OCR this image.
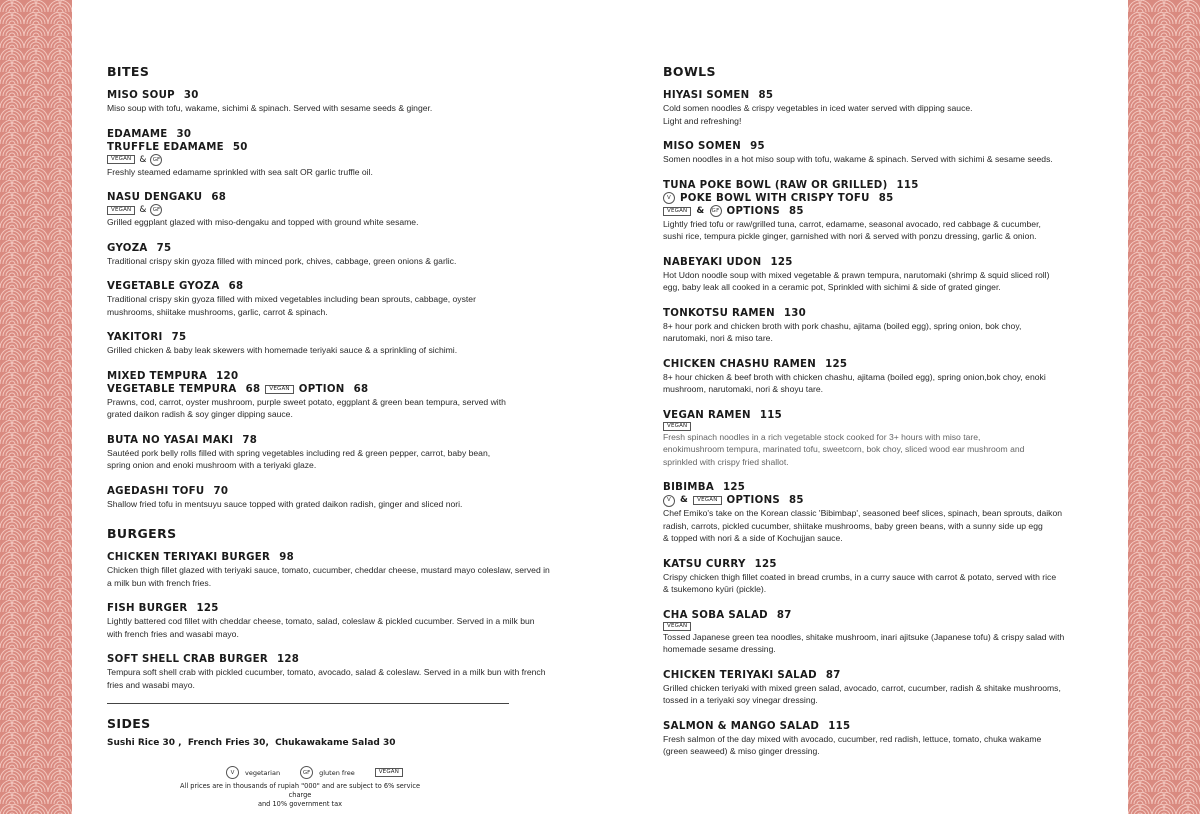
BITES
MISO SOUP 30
Miso soup with tofu, wakame, sichimi & spinach. Served with sesame seeds & ginger.
EDAMAME 30
TRUFFLE EDAMAME 50
VEGAN &	GF
Freshly steamed edamame sprinkled with sea salt OR garlic truffle oil.
NASU DENGAKU 68
VEGAN &	GF
Grilled eggplant glazed with miso-dengaku and topped with ground white sesame.
GYOZA 75
Traditional crispy skin gyoza filled with minced pork, chives, cabbage, green onions & garlic.
VEGETABLE GYOZA 68
Traditional crispy skin gyoza filled with mixed vegetables including bean sprouts, cabbage, oyster
mushrooms, shiitake mushrooms, garlic, carrot & spinach.
YAKITORI 75
Grilled chicken & baby leak skewers with homemade teriyaki sauce & a sprinkling of sichimi.
MIXED TEMPURA 120
VEGETABLE TEMPURA 68	VEGAN OPTION 68
Prawns, cod, carrot, oyster mushroom, purple sweet potato, eggplant & green bean tempura, served with
grated daikon radish & soy ginger dipping sauce.
BUTA NO YASAI MAKI 78
Sautéed pork belly rolls filled with spring vegetables including red & green pepper, carrot, baby bean,
spring onion and enoki mushroom with a teriyaki glaze.
AGEDASHI TOFU 70
Shallow fried tofu in mentsuyu sauce topped with grated daikon radish, ginger and sliced nori.
BURGERS
CHICKEN TERIYAKI BURGER 98
Chicken thigh fillet glazed with teriyaki sauce, tomato, cucumber, cheddar cheese, mustard mayo coleslaw, served in
a milk bun with french fries.
FISH BURGER 125
Lightly battered cod fillet with cheddar cheese, tomato, salad, coleslaw & pickled cucumber. Served in a milk bun
with french fries and wasabi mayo.
SOFT SHELL CRAB BURGER 128
Tempura soft shell crab with pickled cucumber, tomato, avocado, salad & coleslaw. Served in a milk bun with french
fries and wasabi mayo.
SIDES
Sushi Rice 30 , French Fries 30, Chukawakame Salad 30
V	vegetarian	GF	gluten free	VEGAN
All prices are in thousands of rupiah "000" and are subject to 6% service charge
and 10% government tax
BOWLS
HIYASI SOMEN 85
Cold somen noodles & crispy vegetables in iced water served with dipping sauce.
Light and refreshing!
MISO SOMEN 95
Somen noodles in a hot miso soup with tofu, wakame & spinach. Served with sichimi & sesame seeds.
TUNA POKE BOWL (RAW OR GRILLED) 115
V POKE BOWL WITH CRISPY TOFU 85
VEGAN	&	GF OPTIONS 85
Lightly fried tofu or raw/grilled tuna, carrot, edamame, seasonal avocado, red cabbage & cucumber,
sushi rice, tempura pickle ginger, garnished with nori & served with ponzu dressing, garlic & onion.
NABEYAKI UDON 125
Hot Udon noodle soup with mixed vegetable & prawn tempura, narutomaki (shrimp & squid sliced roll)
egg, baby leak all cooked in a ceramic pot, Sprinkled with sichimi & side of grated ginger.
TONKOTSU RAMEN 130
8+ hour pork and chicken broth with pork chashu, ajitama (boiled egg), spring onion, bok choy,
narutomaki, nori & miso tare.
CHICKEN CHASHU RAMEN 125
8+ hour chicken & beef broth with chicken chashu, ajitama (boiled egg), spring onion,bok choy, enoki
mushroom, narutomaki, nori & shoyu tare.
VEGAN RAMEN 115
VEGAN
Fresh spinach noodles in a rich vegetable stock cooked for 3+ hours with miso tare,
enokimushroom tempura, marinated tofu, sweetcorn, bok choy, sliced wood ear mushroom and
sprinkled with crispy fried shallot.
BIBIMBA 125
V &	VEGAN OPTIONS 85
Chef Emiko's take on the Korean classic 'Bibimbap', seasoned beef slices, spinach, bean sprouts, daikon
radish, carrots, pickled cucumber, shiitake mushrooms, baby green beans, with a sunny side up egg
& topped with nori & a side of Kochujjan sauce.
KATSU CURRY 125
Crispy chicken thigh fillet coated in bread crumbs, in a curry sauce with carrot & potato, served with rice
& tsukemono kyūri (pickle).
CHA SOBA SALAD 87
VEGAN
Tossed Japanese green tea noodles, shitake mushroom, inari ajitsuke (Japanese tofu) & crispy salad with
homemade sesame dressing.
CHICKEN TERIYAKI SALAD 87
Grilled chicken teriyaki with mixed green salad, avocado, carrot, cucumber, radish & shitake mushrooms,
tossed in a teriyaki soy vinegar dressing.
SALMON & MANGO SALAD 115
Fresh salmon of the day mixed with avocado, cucumber, red radish, lettuce, tomato, chuka wakame
(green seaweed) & miso ginger dressing.
